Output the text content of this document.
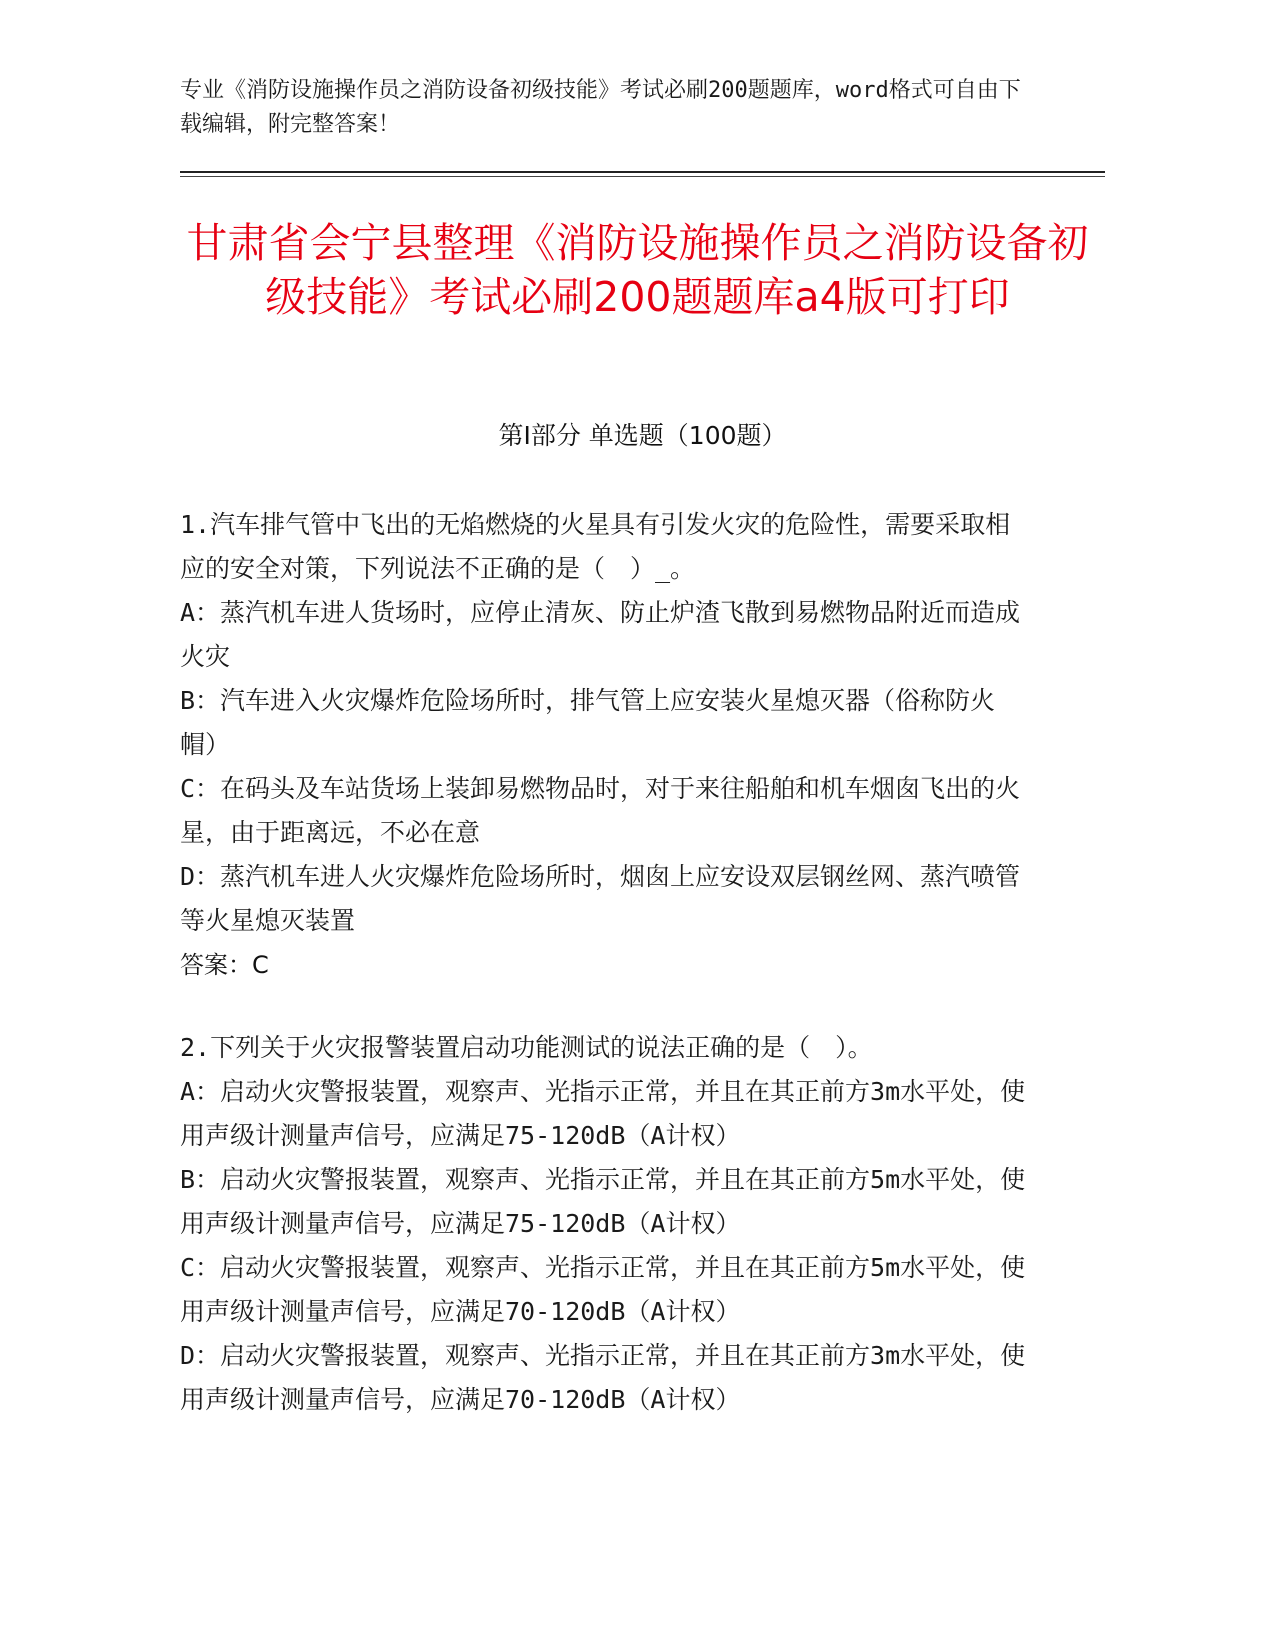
专业《消防设施操作员之消防设备初级技能》考试必刷200题题库，word格式可自由下载编辑，附完整答案！
甘肃省会宁县整理《消防设施操作员之消防设备初级技能》考试必刷200题题库a4版可打印
第Ⅰ部分 单选题（100题）
1.汽车排气管中飞出的无焰燃烧的火星具有引发火灾的危险性，需要采取相应的安全对策，下列说法不正确的是（　）_。
A：蒸汽机车进人货场时，应停止清灰、防止炉渣飞散到易燃物品附近而造成火灾
B：汽车进入火灾爆炸危险场所时，排气管上应安装火星熄灭器（俗称防火帽）
C：在码头及车站货场上装卸易燃物品时，对于来往船舶和机车烟囱飞出的火星，由于距离远，不必在意
D：蒸汽机车进人火灾爆炸危险场所时，烟囱上应安设双层钢丝网、蒸汽喷管等火星熄灭装置
答案：C
2.下列关于火灾报警装置启动功能测试的说法正确的是（　）。
A：启动火灾警报装置，观察声、光指示正常，并且在其正前方3m水平处，使用声级计测量声信号，应满足75-120dB（A计权）
B：启动火灾警报装置，观察声、光指示正常，并且在其正前方5m水平处，使用声级计测量声信号，应满足75-120dB（A计权）
C：启动火灾警报装置，观察声、光指示正常，并且在其正前方5m水平处，使用声级计测量声信号，应满足70-120dB（A计权）
D：启动火灾警报装置，观察声、光指示正常，并且在其正前方3m水平处，使用声级计测量声信号，应满足70-120dB（A计权）
